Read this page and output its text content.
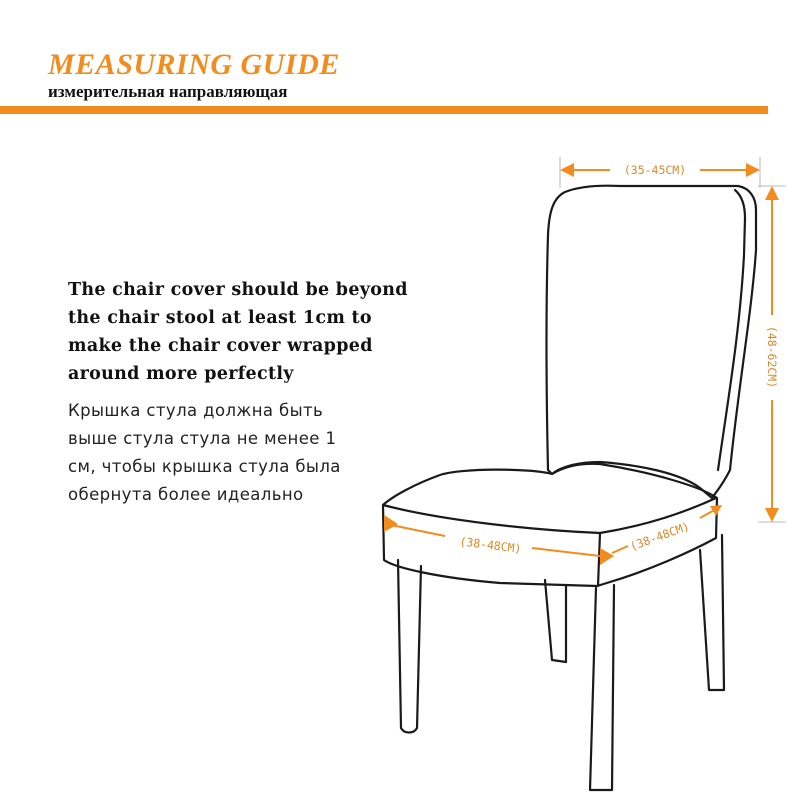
MEASURING GUIDE
измерительная направляющая
The chair cover should be beyond
the chair stool at least 1cm to
make the chair cover wrapped
around more perfectly
Крышка стула должна быть
выше стула стула не менее 1
см, чтобы крышка стула была
обернута более идеально
(35-45CM)
(48-62CM)
(38-48CM)	(38-48CM)
